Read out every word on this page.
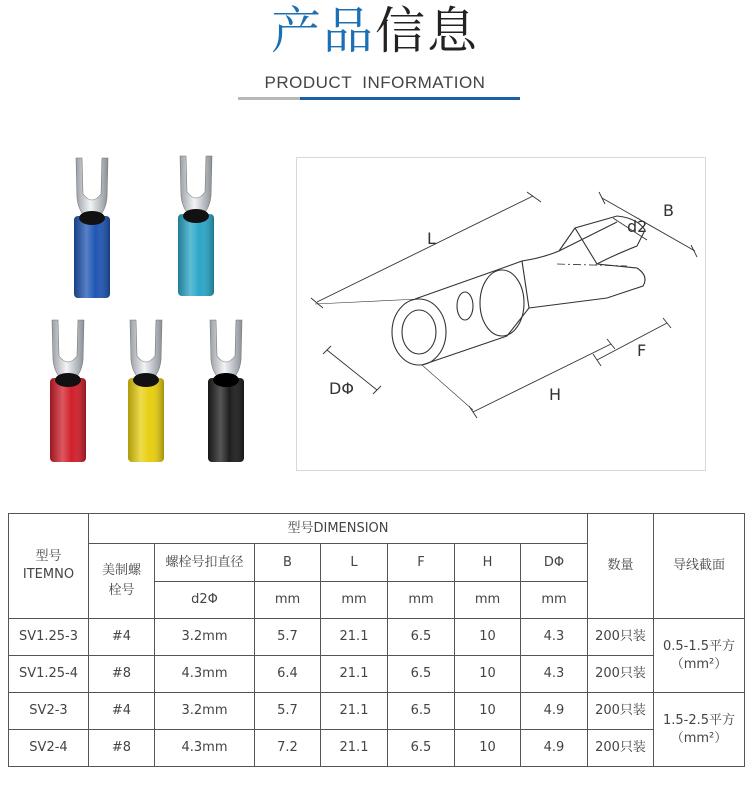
产品信息
PRODUCT  INFORMATION
L
B
d2
F
H
DΦ
型号
ITEMNO	型号DIMENSION							数量	导线截面

	美制螺栓号	螺栓号扣直径	B	L	F	H	DΦ		
		d2Φ	mm	mm	mm	mm	mm		
SV1.25-3	#4	3.2mm	5.7	21.1	6.5	10	4.3	200只装	0.5-1.5平方
（mm²）

SV1.25-4	#8	4.3mm	6.4	21.1	6.5	10	4.3	200只装	
SV2-3	#4	3.2mm	5.7	21.1	6.5	10	4.9	200只装	1.5-2.5平方
（mm²）

SV2-4	#8	4.3mm	7.2	21.1	6.5	10	4.9	200只装	
